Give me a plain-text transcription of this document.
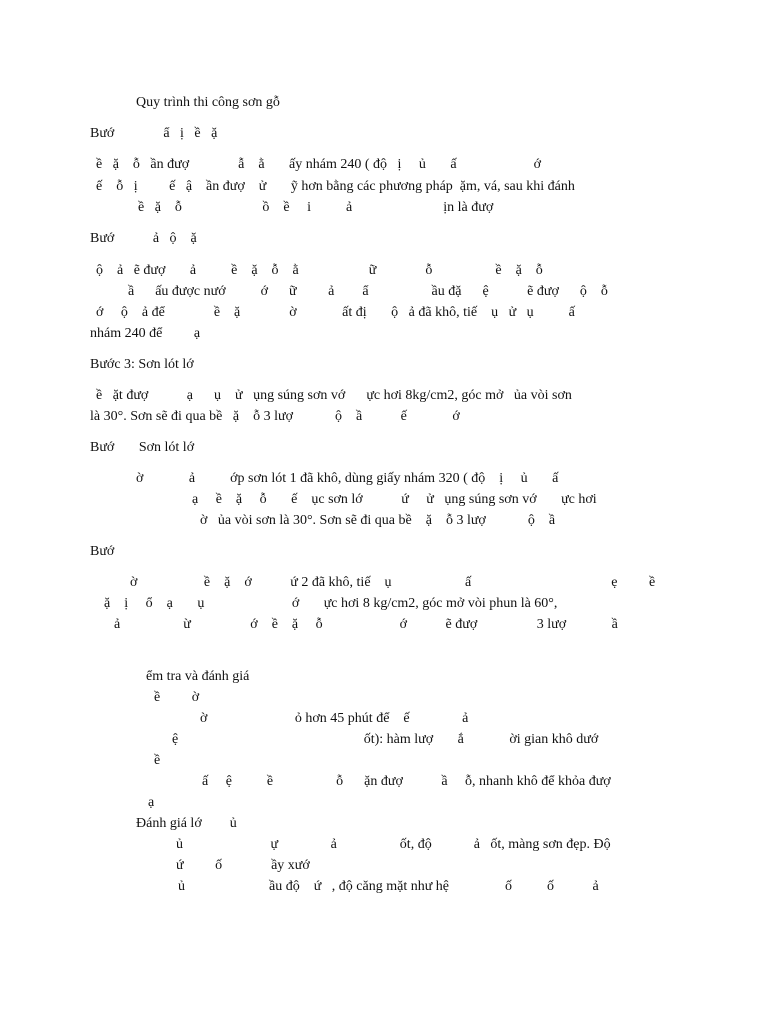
Quy trình thi công sơn gỗ

Bướ              ẩ   ị   ề   ặ

ề   ặ    ỗ   ần đượ              ẫ    ằ       ấy nhám 240 ( độ   ị     ủ       ấ                      ớ

ế    ỗ   ị         ế   ậ    ần đượ    ử       ỹ hơn bằng các phương pháp  ặm, vá, sau khi đánh

ề   ặ    ỗ                       ồ    ề     i          ả                          ịn là đượ

Bướ           ả   ộ    ặ

ộ    ả   ẽ đượ       ả          ề    ặ    ỗ    ằ                    ữ              ỗ                  ề    ặ    ỗ

ầ      ấu được nướ          ớ      ữ         ả        ẩ                  ầu đặ      ệ           ẽ đượ      ộ    ỗ

ớ     ộ    ả để              ề    ặ              ờ             ất đị       ộ   ả đã khô, tiế    ụ   ử   ụ          ấ

nhám 240 để         ạ

Bước 3: Sơn lót lớ

ề   ặt đượ           ạ      ụ    ử   ụng súng sơn vớ      ực hơi 8kg/cm2, góc mở   ủa vòi sơn

là 30°. Sơn sẽ đi qua bề   ặ    ỗ 3 lượ            ộ    ầ           ế             ớ

Bướ       Sơn lót lớ

ờ             ả          ớp sơn lót 1 đã khô, dùng giấy nhám 320 ( độ    ị     ủ       ấ

ạ     ề    ặ     ỗ       ế    ục sơn lớ           ứ     ử   ụng súng sơn vớ       ực hơi

ờ   ủa vòi sơn là 30°. Sơn sẽ đi qua bề    ặ    ỗ 3 lượ            ộ    ầ

Bướ

ờ                   ề    ặ    ớ           ứ 2 đã khô, tiế    ụ                     ấ                                        ẹ         ề

ặ    ị     ổ    ạ       ụ                         ớ       ực hơi 8 kg/cm2, góc mở vòi phun là 60°,

ả                  ừ                 ớ    ề    ặ     ỗ                      ớ           ẽ đượ                 3 lượ             ầ

ểm tra và đánh giá

ề         ờ

ờ                         ỏ hơn 45 phút để    ế               ả

ệ                                                     ốt): hàm lượ       ắ             ời gian khô dướ

ề

ấ     ệ          ề                  ỗ      ặn đượ           ầ     ỗ, nhanh khô để khỏa đượ

ạ

Đánh giá lớ        ủ

ủ                         ự               ả                  ốt, độ            ả   ốt, màng sơn đẹp. Độ

ứ         ố              ầy xướ

ủ                        ầu độ    ứ   , độ căng mặt như hệ                ố          ố           ả
